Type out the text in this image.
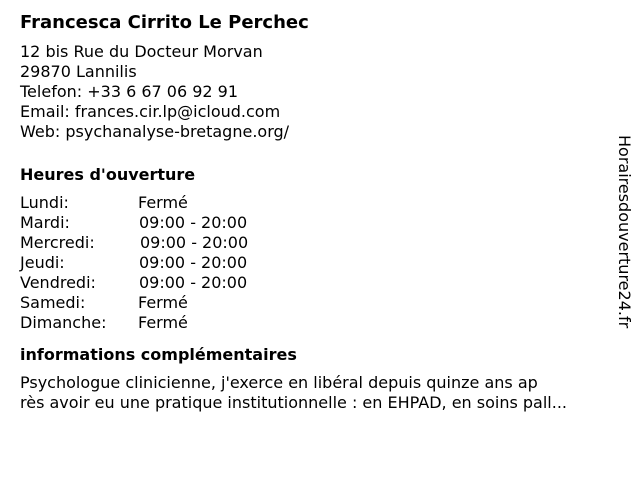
Francesca Cirrito Le Perchec
12 bis Rue du Docteur Morvan
29870 Lannilis
Telefon: +33 6 67 06 92 91
Email: frances.cir.lp@icloud.com
Web: psychanalyse-bretagne.org/
Heures d'ouverture
Lundi:	Fermé
Mardi:	09:00 - 20:00
Mercredi:	09:00 - 20:00
Jeudi:	09:00 - 20:00
Vendredi:	09:00 - 20:00
Samedi:	Fermé
Dimanche: Fermé
informations complémentaires
Psychologue clinicienne, j'exerce en libéral depuis quinze ans ap
rès avoir eu une pratique institutionnelle : en EHPAD, en soins pall...
Horairesdouverture24.fr
